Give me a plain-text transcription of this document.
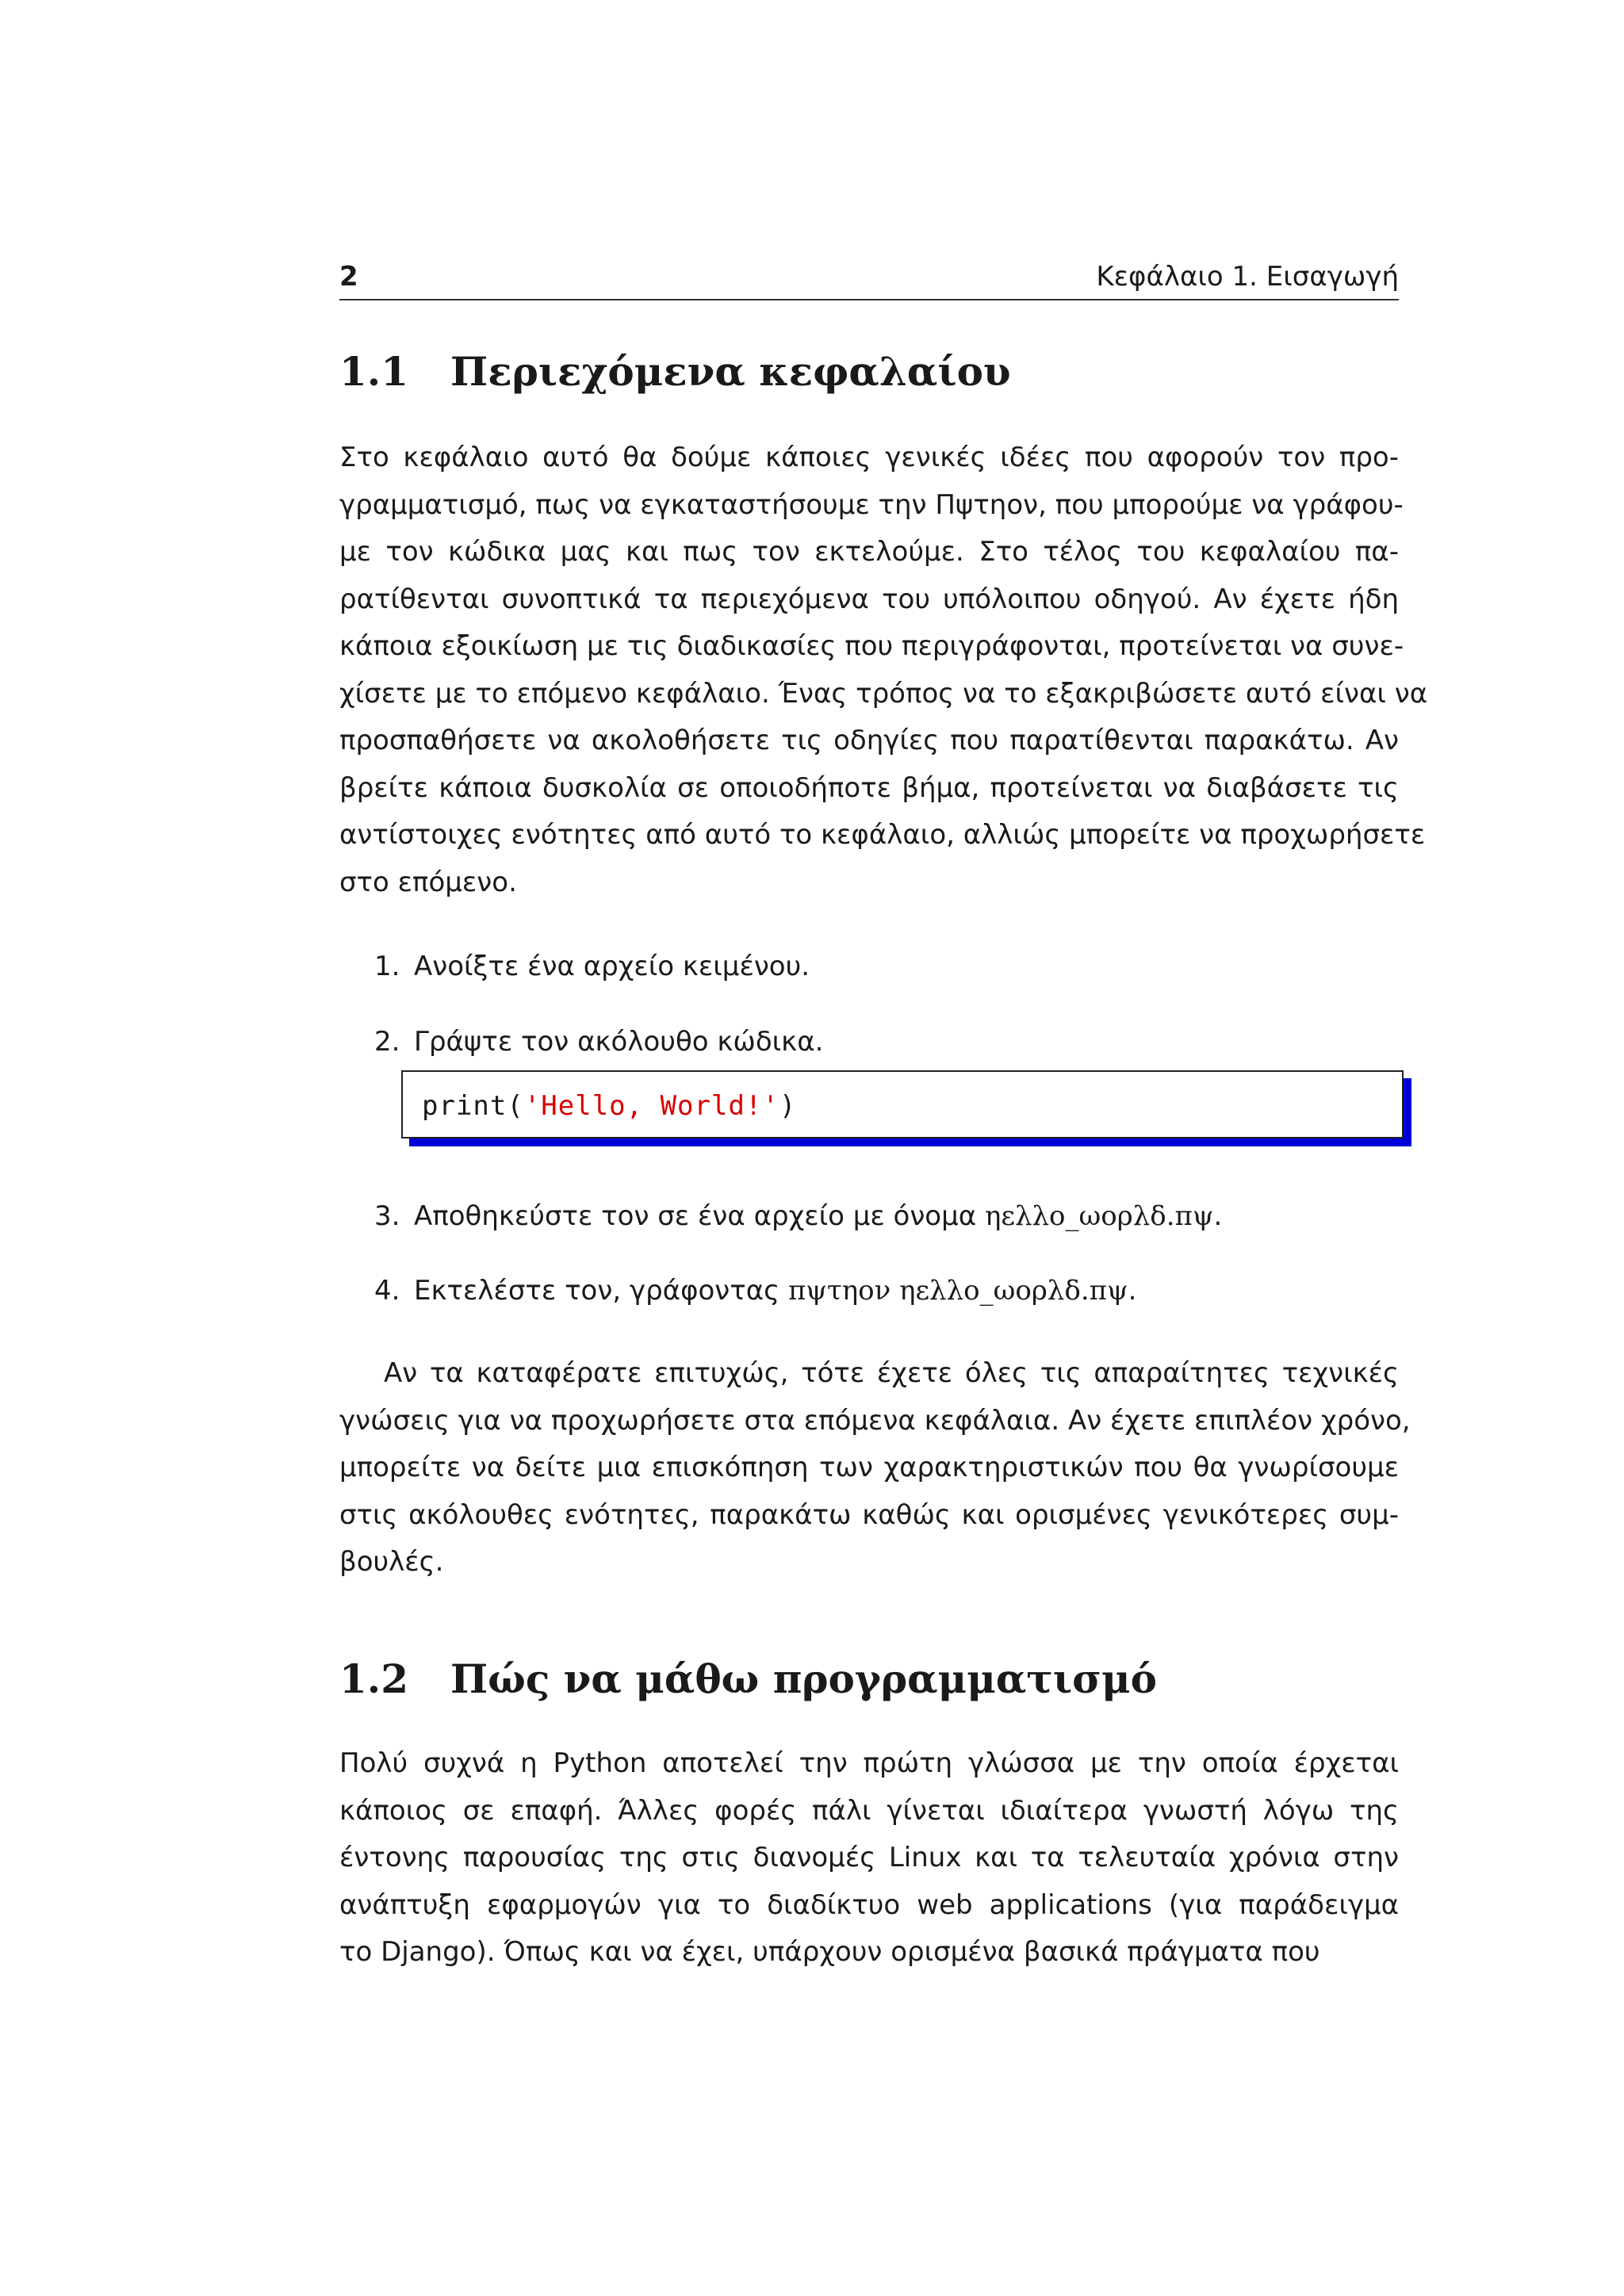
2	Κεφάλαιο 1. Εισαγωγή
1.1	Περιεχόμενα κεφαλαίου
Στο κεφάλαιο αυτό θα δούμε κάποιες γενικές ιδέες που αφορούν τον προ-
γραμματισμό, πως να εγκαταστήσουμε την Πψτηον, που μπορούμε να γράφου-
με τον κώδικα μας και πως τον εκτελούμε. Στο τέλος του κεφαλαίου πα-
ρατίθενται συνοπτικά τα περιεχόμενα του υπόλοιπου οδηγού. Αν έχετε ήδη
κάποια εξοικίωση με τις διαδικασίες που περιγράφονται, προτείνεται να συνε-
χίσετε με το επόμενο κεφάλαιο. Ένας τρόπος να το εξακριβώσετε αυτό είναι να
προσπαθήσετε να ακολοθήσετε τις οδηγίες που παρατίθενται παρακάτω. Αν
βρείτε κάποια δυσκολία σε οποιοδήποτε βήμα, προτείνεται να διαβάσετε τις
αντίστοιχες ενότητες από αυτό το κεφάλαιο, αλλιώς μπορείτε να προχωρήσετε
στο επόμενο.
1. Ανοίξτε ένα αρχείο κειμένου.
2. Γράψτε τον ακόλουθο κώδικα.
3. Αποθηκεύστε τον σε ένα αρχείο με όνομα ηελλο_ωορλδ.πψ.
4. Εκτελέστε τον, γράφοντας πψτηον ηελλο_ωορλδ.πψ.
print('Hello, World!')
Αν τα καταφέρατε επιτυχώς, τότε έχετε όλες τις απαραίτητες τεχνικές
γνώσεις για να προχωρήσετε στα επόμενα κεφάλαια. Αν έχετε επιπλέον χρόνο,
μπορείτε να δείτε μια επισκόπηση των χαρακτηριστικών που θα γνωρίσουμε
στις ακόλουθες ενότητες, παρακάτω καθώς και ορισμένες γενικότερες συμ-
βουλές.
1.2	Πώς να μάθω προγραμματισμό
Πολύ συχνά η Python αποτελεί την πρώτη γλώσσα με την οποία έρχεται
κάποιος σε επαφή. Άλλες φορές πάλι γίνεται ιδιαίτερα γνωστή λόγω της
έντονης παρουσίας της στις διανομές Linux και τα τελευταία χρόνια στην
ανάπτυξη εφαρμογών για το διαδίκτυο web applications (για παράδειγμα
το Django). Όπως και να έχει, υπάρχουν ορισμένα βασικά πράγματα που
